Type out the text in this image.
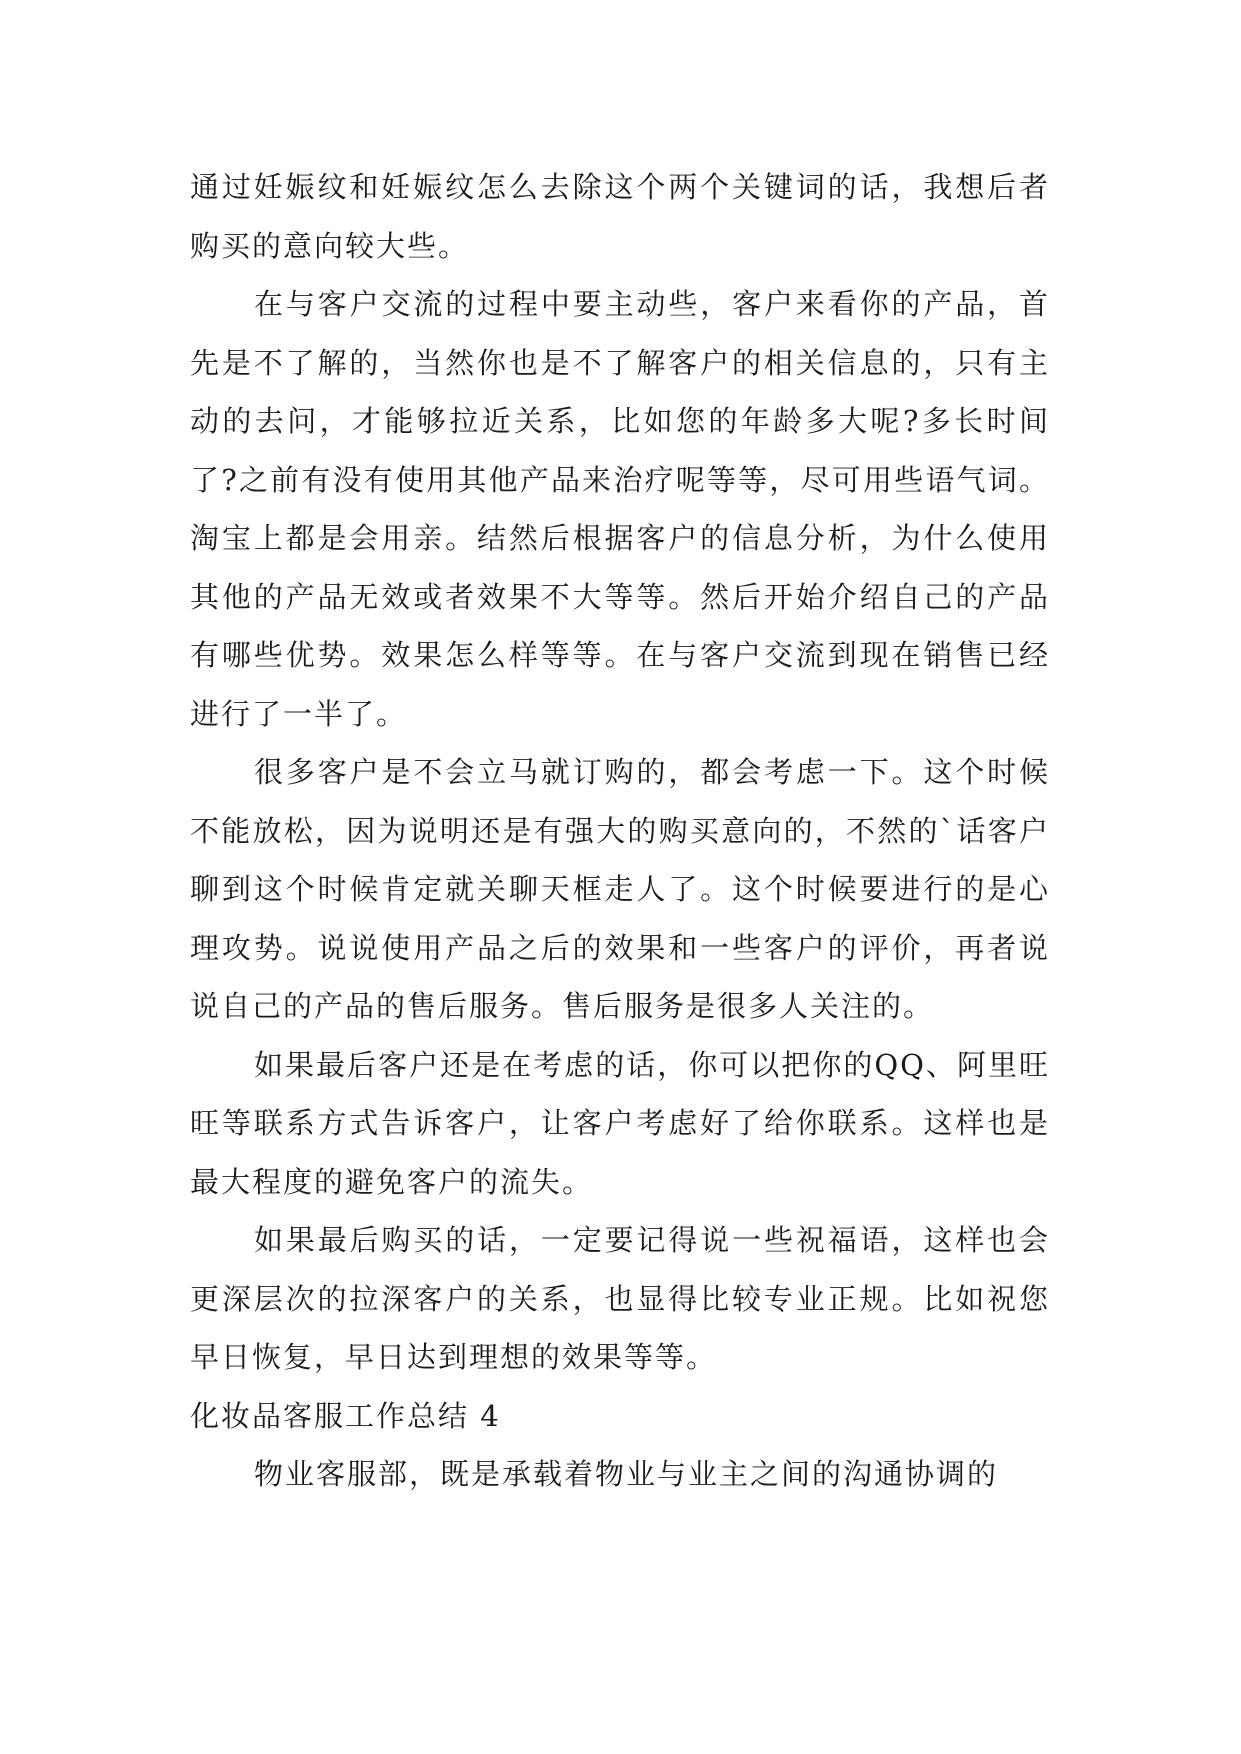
通过妊娠纹和妊娠纹怎么去除这个两个关键词的话，我想后者购买的意向较大些。

在与客户交流的过程中要主动些，客户来看你的产品，首先是不了解的，当然你也是不了解客户的相关信息的，只有主动的去问，才能够拉近关系，比如您的年龄多大呢?多长时间了?之前有没有使用其他产品来治疗呢等等，尽可用些语气词。淘宝上都是会用亲。结然后根据客户的信息分析，为什么使用其他的产品无效或者效果不大等等。然后开始介绍自己的产品有哪些优势。效果怎么样等等。在与客户交流到现在销售已经进行了一半了。

很多客户是不会立马就订购的，都会考虑一下。这个时候不能放松，因为说明还是有强大的购买意向的，不然的`话客户聊到这个时候肯定就关聊天框走人了。这个时候要进行的是心理攻势。说说使用产品之后的效果和一些客户的评价，再者说说自己的产品的售后服务。售后服务是很多人关注的。

如果最后客户还是在考虑的话，你可以把你的QQ、阿里旺旺等联系方式告诉客户，让客户考虑好了给你联系。这样也是最大程度的避免客户的流失。

如果最后购买的话，一定要记得说一些祝福语，这样也会更深层次的拉深客户的关系，也显得比较专业正规。比如祝您早日恢复，早日达到理想的效果等等。

化妆品客服工作总结 4

物业客服部，既是承载着物业与业主之间的沟通协调的
